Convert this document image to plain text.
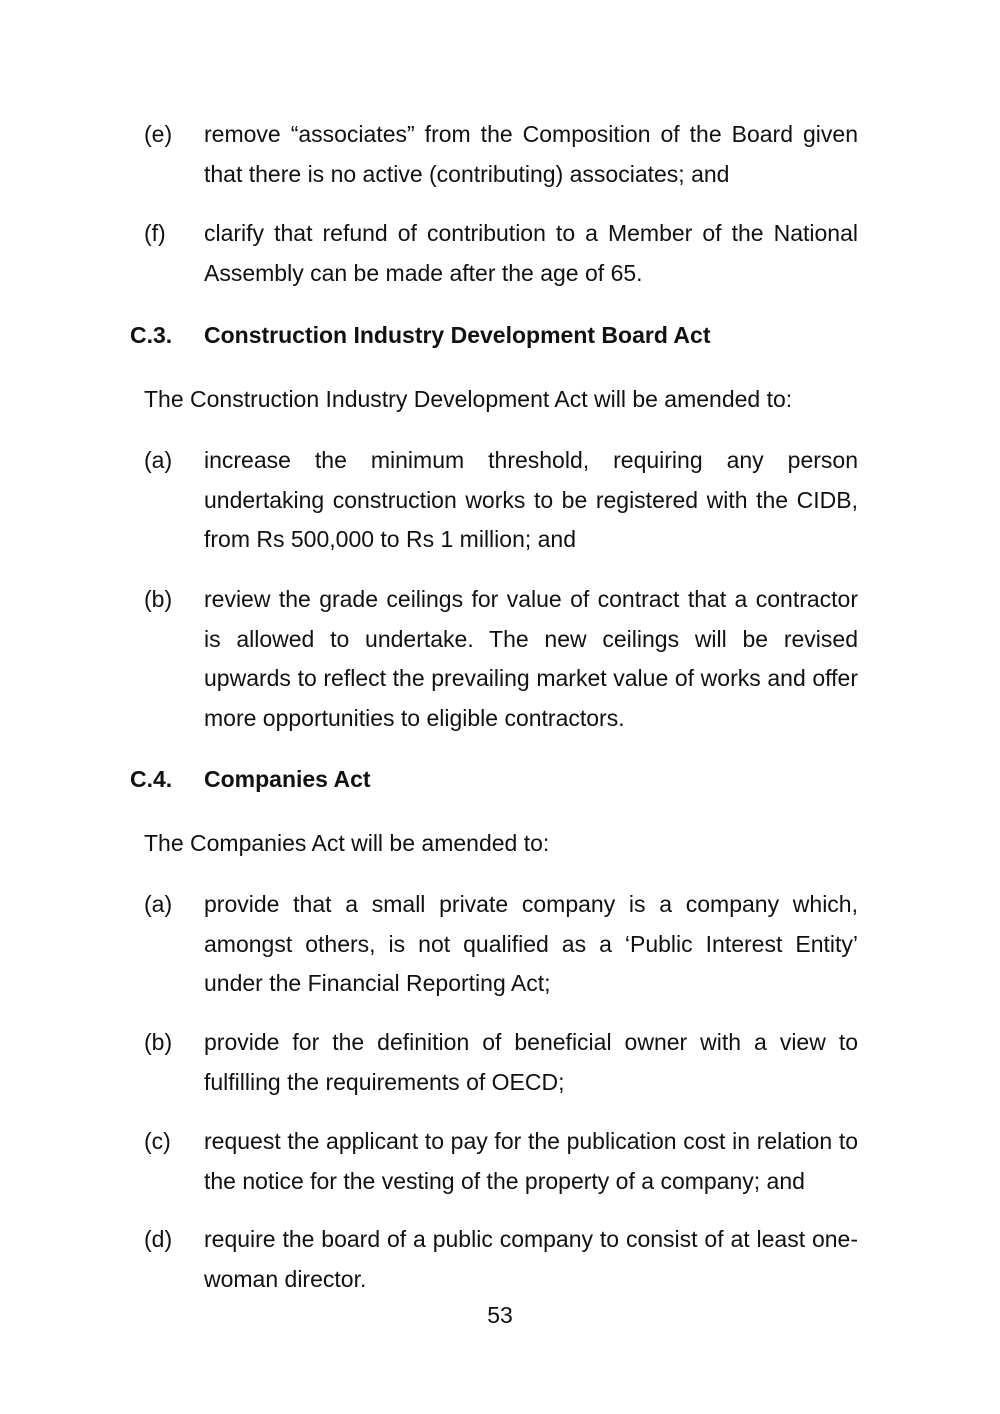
(e)	remove “associates” from the Composition of the Board given that there is no active (contributing) associates; and
(f)	clarify that refund of contribution to a Member of the National Assembly can be made after the age of 65.
C.3. Construction Industry Development Board Act
The Construction Industry Development Act will be amended to:
(a)	increase the minimum threshold, requiring any person undertaking construction works to be registered with the CIDB, from Rs 500,000 to Rs 1 million; and
(b)	review the grade ceilings for value of contract that a contractor is allowed to undertake. The new ceilings will be revised upwards to reflect the prevailing market value of works and offer more opportunities to eligible contractors.
C.4. Companies Act
The Companies Act will be amended to:
(a)	provide that a small private company is a company which, amongst others, is not qualified as a ‘Public Interest Entity’ under the Financial Reporting Act;
(b)	provide for the definition of beneficial owner with a view to fulfilling the requirements of OECD;
(c)	request the applicant to pay for the publication cost in relation to the notice for the vesting of the property of a company; and
(d)	require the board of a public company to consist of at least one-woman director.
53
